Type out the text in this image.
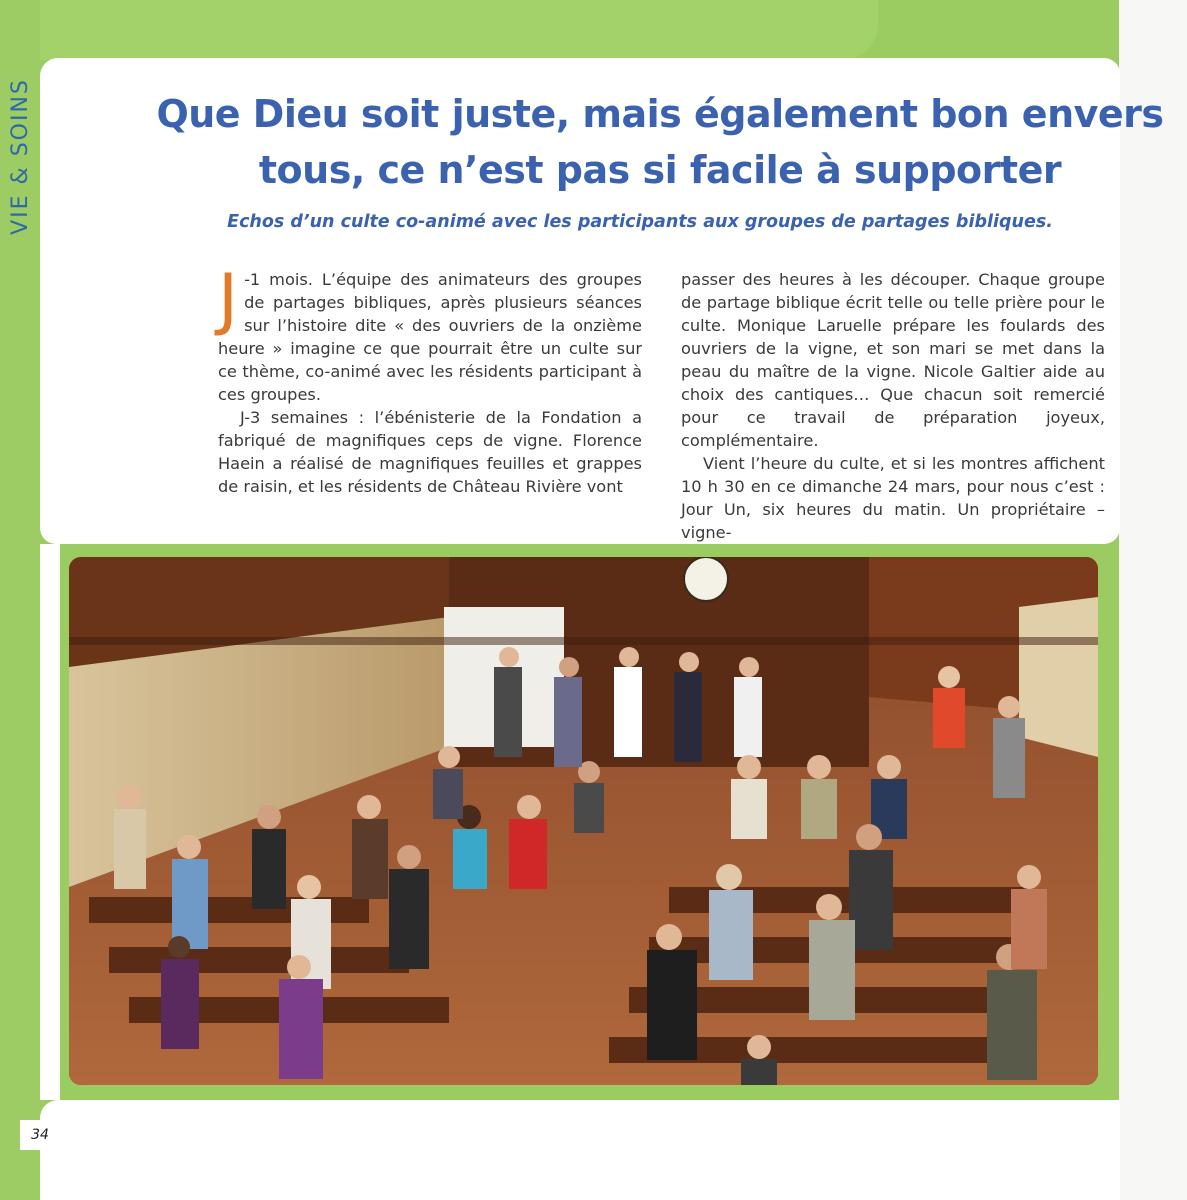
VIE & SOINS	Que Dieu soit juste, mais également bon envers tous, ce n’est pas si facile à supporter
Echos d’un culte co-animé avec les participants aux groupes de partages bibliques.

J -1 mois. L’équipe des animateurs des groupes de partages bibliques, après plusieurs séances sur l’histoire dite « des ouvriers de la onzième heure » imagine ce que pourrait être un culte sur ce thème, co-animé avec les résidents participant à ces groupes.

J-3 semaines : l’ébénisterie de la Fondation a fabriqué de magnifiques ceps de vigne. Florence Haein a réalisé de magnifiques feuilles et grappes de raisin, et les résidents de Château Rivière vont

passer des heures à les découper. Chaque groupe de partage biblique écrit telle ou telle prière pour le culte. Monique Laruelle prépare les foulards des ouvriers de la vigne, et son mari se met dans la peau du maître de la vigne. Nicole Galtier aide au choix des cantiques… Que chacun soit remercié pour ce travail de préparation joyeux, complémentaire.

Vient l’heure du culte, et si les montres affichent 10 h 30 en ce dimanche 24 mars, pour nous c’est : Jour Un, six heures du matin. Un propriétaire – vigne-

34
